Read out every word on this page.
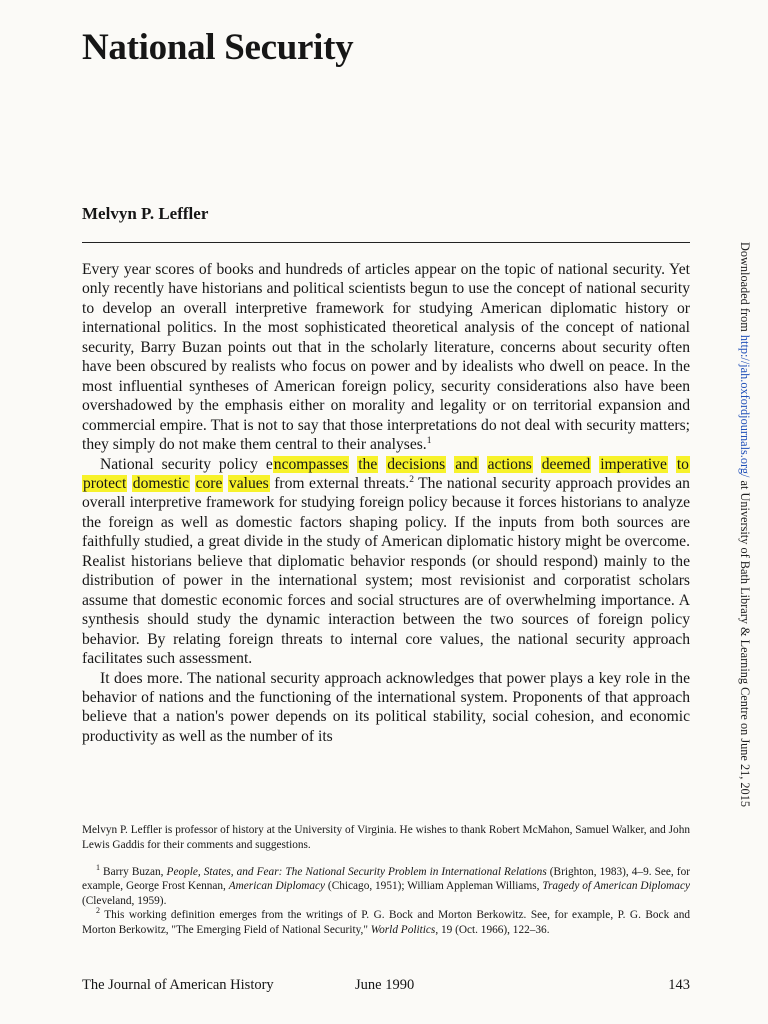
National Security
Melvyn P. Leffler

Every year scores of books and hundreds of articles appear on the topic of national security. Yet only recently have historians and political scientists begun to use the concept of national security to develop an overall interpretive framework for studying American diplomatic history or international politics. In the most sophisticated theoretical analysis of the concept of national security, Barry Buzan points out that in the scholarly literature, concerns about security often have been obscured by realists who focus on power and by idealists who dwell on peace. In the most influential syntheses of American foreign policy, security considerations also have been overshadowed by the emphasis either on morality and legality or on territorial expansion and commercial empire. That is not to say that those interpretations do not deal with security matters; they simply do not make them central to their analyses.$^1$

National security policy encompasses the decisions and actions deemed imperative to protect domestic core values from external threats.$^2$ The national security approach provides an overall interpretive framework for studying foreign policy because it forces historians to analyze the foreign as well as domestic factors shaping policy. If the inputs from both sources are faithfully studied, a great divide in the study of American diplomatic history might be overcome. Realist historians believe that diplomatic behavior responds (or should respond) mainly to the distribution of power in the international system; most revisionist and corporatist scholars assume that domestic economic forces and social structures are of overwhelming importance. A synthesis should study the dynamic interaction between the two sources of foreign policy behavior. By relating foreign threats to internal core values, the national security approach facilitates such assessment.

It does more. The national security approach acknowledges that power plays a key role in the behavior of nations and the functioning of the international system. Proponents of that approach believe that a nation's power depends on its political stability, social cohesion, and economic productivity as well as the number of its

Melvyn P. Leffler is professor of history at the University of Virginia. He wishes to thank Robert McMahon, Samuel Walker, and John Lewis Gaddis for their comments and suggestions.

$^1$ Barry Buzan, People, States, and Fear: The National Security Problem in International Relations (Brighton, 1983), 4–9. See, for example, George Frost Kennan, American Diplomacy (Chicago, 1951); William Appleman Williams, Tragedy of American Diplomacy (Cleveland, 1959).

$^2$ This working definition emerges from the writings of P. G. Bock and Morton Berkowitz. See, for example, P. G. Bock and Morton Berkowitz, "The Emerging Field of National Security," World Politics, 19 (Oct. 1966), 122–36.

The Journal of American History	June 1990	143
Downloaded from http://jah.oxfordjournals.org/ at University of Bath Library & Learning Centre on June 21, 2015
